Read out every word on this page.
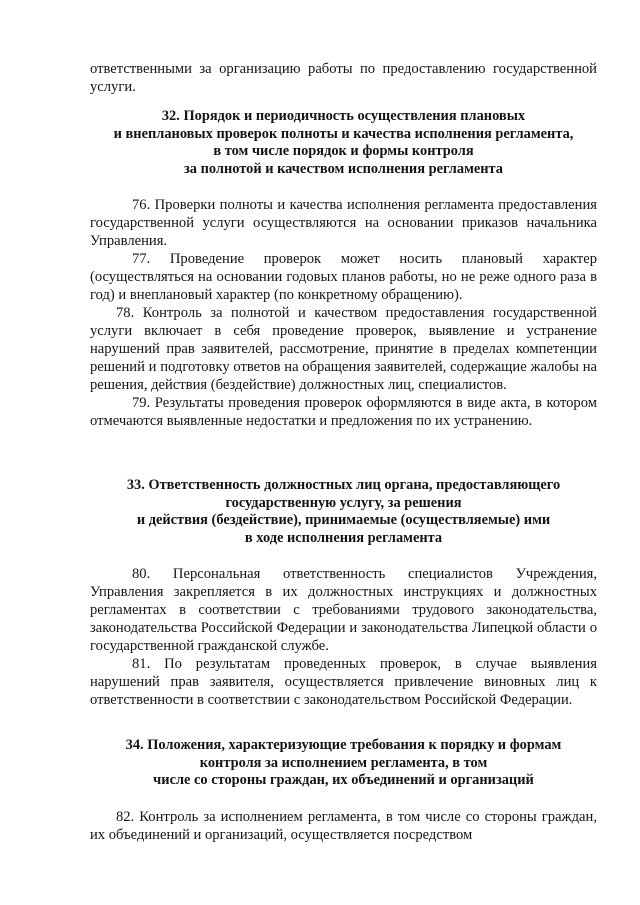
ответственными за организацию работы по предоставлению государственной услуги.

32. Порядок и периодичность осуществления плановых
и внеплановых проверок полноты и качества исполнения регламента,
в том числе порядок и формы контроля
за полнотой и качеством исполнения регламента

76. Проверки полноты и качества исполнения регламента предоставления государственной услуги осуществляются на основании приказов начальника Управления.

77. Проведение проверок может носить плановый характер (осуществляться на основании годовых планов работы, но не реже одного раза в год) и внеплановый характер (по конкретному обращению).

78. Контроль за полнотой и качеством предоставления государственной услуги включает в себя проведение проверок, выявление и устранение нарушений прав заявителей, рассмотрение, принятие в пределах компетенции решений и подготовку ответов на обращения заявителей, содержащие жалобы на решения, действия (бездействие) должностных лиц, специалистов.

79. Результаты проведения проверок оформляются в виде акта, в котором отмечаются выявленные недостатки и предложения по их устранению.

33. Ответственность должностных лиц органа, предоставляющего
государственную услугу, за решения
и действия (бездействие), принимаемые (осуществляемые) ими
в ходе исполнения регламента

80. Персональная ответственность специалистов Учреждения, Управления закрепляется в их должностных инструкциях и должностных регламентах в соответствии с требованиями трудового законодательства, законодательства Российской Федерации и законодательства Липецкой области о государственной гражданской службе.

81. По результатам проведенных проверок, в случае выявления нарушений прав заявителя, осуществляется привлечение виновных лиц к ответственности в соответствии с законодательством Российской Федерации.

34. Положения, характеризующие требования к порядку и формам
контроля за исполнением регламента, в том
числе со стороны граждан, их объединений и организаций

82. Контроль за исполнением регламента, в том числе со стороны граждан, их объединений и организаций, осуществляется посредством
